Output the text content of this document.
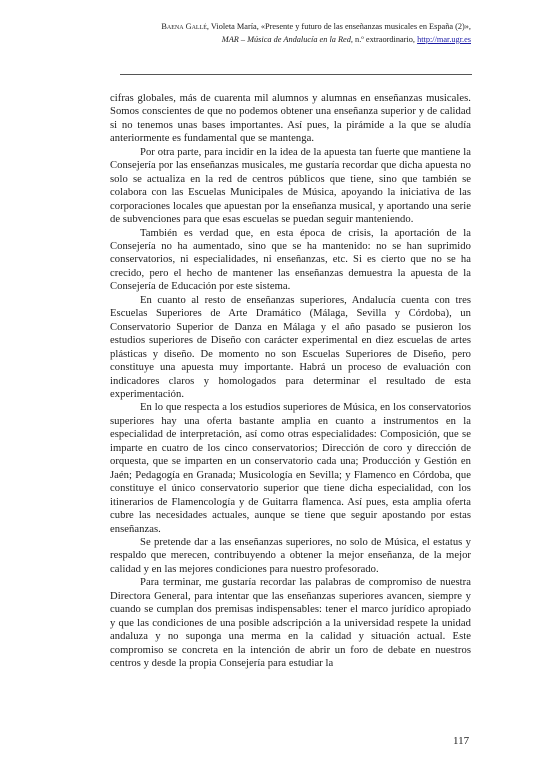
Baena Gallé, Violeta María, «Presente y futuro de las enseñanzas musicales en España (2)»,
MAR – Música de Andalucía en la Red, n.º extraordinario, http://mar.ugr.es

cifras globales, más de cuarenta mil alumnos y alumnas en enseñanzas musicales. Somos conscientes de que no podemos obtener una enseñanza superior y de calidad si no tenemos unas bases importantes. Así pues, la pirámide a la que se aludía anteriormente es fundamental que se mantenga.

Por otra parte, para incidir en la idea de la apuesta tan fuerte que mantiene la Consejería por las enseñanzas musicales, me gustaría recordar que dicha apuesta no solo se actualiza en la red de centros públicos que tiene, sino que también se colabora con las Escuelas Municipales de Música, apoyando la iniciativa de las corporaciones locales que apuestan por la enseñanza musical, y aportando una serie de subvenciones para que esas escuelas se puedan seguir manteniendo.

También es verdad que, en esta época de crisis, la aportación de la Consejería no ha aumentado, sino que se ha mantenido: no se han suprimido conservatorios, ni especialidades, ni enseñanzas, etc. Si es cierto que no se ha crecido, pero el hecho de mantener las enseñanzas demuestra la apuesta de la Consejería de Educación por este sistema.

En cuanto al resto de enseñanzas superiores, Andalucía cuenta con tres Escuelas Superiores de Arte Dramático (Málaga, Sevilla y Córdoba), un Conservatorio Superior de Danza en Málaga y el año pasado se pusieron los estudios superiores de Diseño con carácter experimental en diez escuelas de artes plásticas y diseño. De momento no son Escuelas Superiores de Diseño, pero constituye una apuesta muy importante. Habrá un proceso de evaluación con indicadores claros y homologados para determinar el resultado de esta experimentación.

En lo que respecta a los estudios superiores de Música, en los conservatorios superiores hay una oferta bastante amplia en cuanto a instrumentos en la especialidad de interpretación, así como otras especialidades: Composición, que se imparte en cuatro de los cinco conservatorios; Dirección de coro y dirección de orquesta, que se imparten en un conservatorio cada una; Producción y Gestión en Jaén; Pedagogía en Granada; Musicología en Sevilla; y Flamenco en Córdoba, que constituye el único conservatorio superior que tiene dicha especialidad, con los itinerarios de Flamencología y de Guitarra flamenca. Así pues, esta amplia oferta cubre las necesidades actuales, aunque se tiene que seguir apostando por estas enseñanzas.

Se pretende dar a las enseñanzas superiores, no solo de Música, el estatus y respaldo que merecen, contribuyendo a obtener la mejor enseñanza, de la mejor calidad y en las mejores condiciones para nuestro profesorado.

Para terminar, me gustaría recordar las palabras de compromiso de nuestra Directora General, para intentar que las enseñanzas superiores avancen, siempre y cuando se cumplan dos premisas indispensables: tener el marco jurídico apropiado y que las condiciones de una posible adscripción a la universidad respete la unidad andaluza y no suponga una merma en la calidad y situación actual. Este compromiso se concreta en la intención de abrir un foro de debate en nuestros centros y desde la propia Consejería para estudiar la

117
